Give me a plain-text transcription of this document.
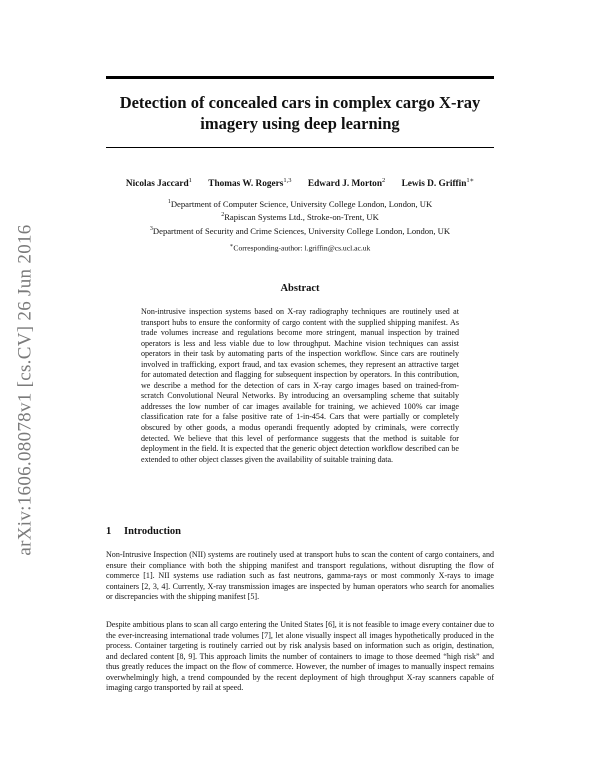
arXiv:1606.08078v1 [cs.CV] 26 Jun 2016
Detection of concealed cars in complex cargo X-ray
imagery using deep learning
Nicolas Jaccard$^1$ Thomas W. Rogers$^{1,3}$ Edward J. Morton$^2$ Lewis D. Griffin$^{1∗}$
$^1$Department of Computer Science, University College London, London, UK
$^2$Rapiscan Systems Ltd., Stroke-on-Trent, UK
$^3$Department of Security and Crime Sciences, University College London, London, UK
∗Corresponding-author: l.griffin@cs.ucl.ac.uk
Abstract

Non-intrusive inspection systems based on X-ray radiography techniques are routinely used at transport hubs to ensure the conformity of cargo content with the supplied shipping manifest. As trade volumes increase and regulations become more stringent, manual inspection by trained operators is less and less viable due to low throughput. Machine vision techniques can assist operators in their task by automating parts of the inspection workflow. Since cars are routinely involved in trafficking, export fraud, and tax evasion schemes, they represent an attractive target for automated detection and flagging for subsequent inspection by operators. In this contribution, we describe a method for the detection of cars in X-ray cargo images based on trained-from-scratch Convolutional Neural Networks. By introducing an oversampling scheme that suitably addresses the low number of car images available for training, we achieved 100% car image classification rate for a false positive rate of 1-in-454. Cars that were partially or completely obscured by other goods, a modus operandi frequently adopted by criminals, were correctly detected. We believe that this level of performance suggests that the method is suitable for deployment in the field. It is expected that the generic object detection workflow described can be extended to other object classes given the availability of suitable training data.

1 Introduction

Non-Intrusive Inspection (NII) systems are routinely used at transport hubs to scan the content of cargo containers, and ensure their compliance with both the shipping manifest and transport regulations, without disrupting the flow of commerce [1]. NII systems use radiation such as fast neutrons, gamma-rays or most commonly X-rays to image containers [2, 3, 4]. Currently, X-ray transmission images are inspected by human operators who search for anomalies or discrepancies with the shipping manifest [5].

Despite ambitious plans to scan all cargo entering the United States [6], it is not feasible to image every container due to the ever-increasing international trade volumes [7], let alone visually inspect all images hypothetically produced in the process. Container targeting is routinely carried out by risk analysis based on information such as origin, destination, and declared content [8, 9]. This approach limits the number of containers to image to those deemed “high risk” and thus greatly reduces the impact on the flow of commerce. However, the number of images to manually inspect remains overwhelmingly high, a trend compounded by the recent deployment of high throughput X-ray scanners capable of imaging cargo transported by rail at speed.
